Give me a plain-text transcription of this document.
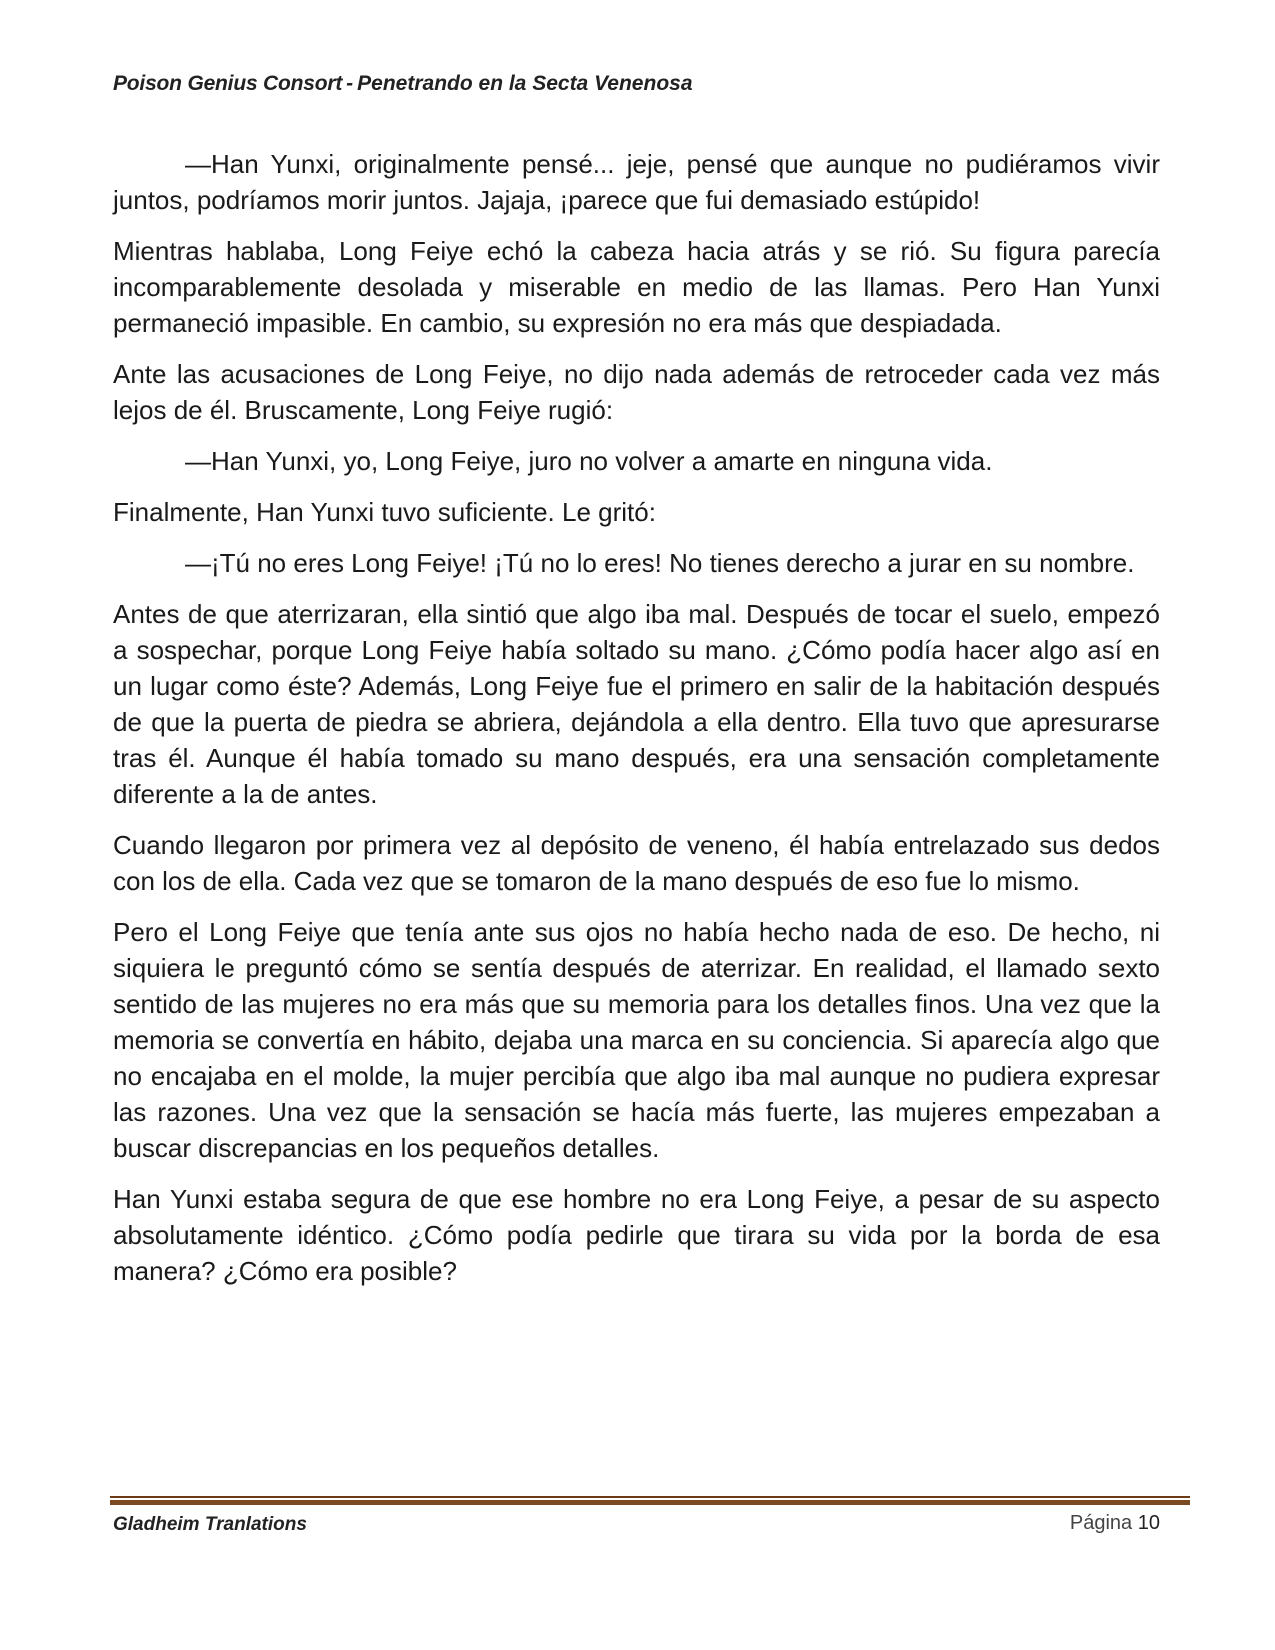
Poison Genius Consort - Penetrando en la Secta Venenosa

—Han Yunxi, originalmente pensé... jeje, pensé que aunque no pudiéramos vivir juntos, podríamos morir juntos. Jajaja, ¡parece que fui demasiado estúpido!

Mientras hablaba, Long Feiye echó la cabeza hacia atrás y se rió. Su figura parecía incomparablemente desolada y miserable en medio de las llamas. Pero Han Yunxi permaneció impasible. En cambio, su expresión no era más que despiadada.

Ante las acusaciones de Long Feiye, no dijo nada además de retroceder cada vez más lejos de él. Bruscamente, Long Feiye rugió:

—Han Yunxi, yo, Long Feiye, juro no volver a amarte en ninguna vida.

Finalmente, Han Yunxi tuvo suficiente. Le gritó:

—¡Tú no eres Long Feiye! ¡Tú no lo eres! No tienes derecho a jurar en su nombre.

Antes de que aterrizaran, ella sintió que algo iba mal. Después de tocar el suelo, empezó a sospechar, porque Long Feiye había soltado su mano. ¿Cómo podía hacer algo así en un lugar como éste? Además, Long Feiye fue el primero en salir de la habitación después de que la puerta de piedra se abriera, dejándola a ella dentro. Ella tuvo que apresurarse tras él. Aunque él había tomado su mano después, era una sensación completamente diferente a la de antes.

Cuando llegaron por primera vez al depósito de veneno, él había entrelazado sus dedos con los de ella. Cada vez que se tomaron de la mano después de eso fue lo mismo.

Pero el Long Feiye que tenía ante sus ojos no había hecho nada de eso. De hecho, ni siquiera le preguntó cómo se sentía después de aterrizar. En realidad, el llamado sexto sentido de las mujeres no era más que su memoria para los detalles finos. Una vez que la memoria se convertía en hábito, dejaba una marca en su conciencia. Si aparecía algo que no encajaba en el molde, la mujer percibía que algo iba mal aunque no pudiera expresar las razones. Una vez que la sensación se hacía más fuerte, las mujeres empezaban a buscar discrepancias en los pequeños detalles.

Han Yunxi estaba segura de que ese hombre no era Long Feiye, a pesar de su aspecto absolutamente idéntico. ¿Cómo podía pedirle que tirara su vida por la borda de esa manera? ¿Cómo era posible?

Gladheim Tranlations	Página 10
